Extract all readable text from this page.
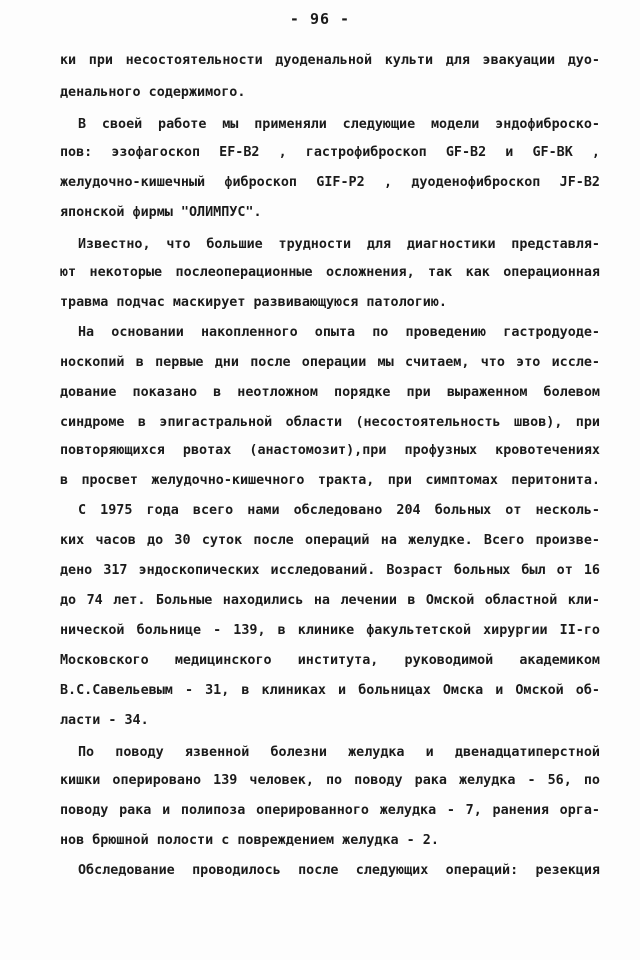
- 96 -
ки при несостоятельности дуоденальной культи для эвакуации дуо-
денального содержимого.
В своей работе мы применяли следующие модели эндофиброско-
пов: эзофагоскоп EF-B2 , гастрофиброскоп GF-B2 и GF-BK ,
желудочно-кишечный фиброскоп GIF-P2 , дуоденофиброскоп JF-B2
японской фирмы "ОЛИМПУС".
Известно, что большие трудности для диагностики представля-
ют некоторые послеоперационные осложнения, так как операционная
травма подчас маскирует развивающуюся патологию.
На основании накопленного опыта по проведению гастродуоде-
носкопий в первые дни после операции мы считаем, что это иссле-
дование показано в неотложном порядке при выраженном болевом
синдроме в эпигастральной области (несостоятельность швов), при
повторяющихся рвотах (анастомозит),при профузных кровотечениях
в просвет желудочно-кишечного тракта, при симптомах перитонита.
С 1975 года всего нами обследовано 204 больных от несколь-
ких часов до 30 суток после операций на желудке. Всего произве-
дено 317 эндоскопических исследований. Возраст больных был от 16
до 74 лет. Больные находились на лечении в Омской областной кли-
нической больнице - 139, в клинике факультетской хирургии II-го
Московского медицинского института, руководимой академиком
В.С.Савельевым - 31, в клиниках и больницах Омска и Омской об-
ласти - 34.
По поводу язвенной болезни желудка и двенадцатиперстной
кишки оперировано 139 человек, по поводу рака желудка - 56, по
поводу рака и полипоза оперированного желудка - 7, ранения орга-
нов брюшной полости с повреждением желудка - 2.
Обследование проводилось после следующих операций: резекция
